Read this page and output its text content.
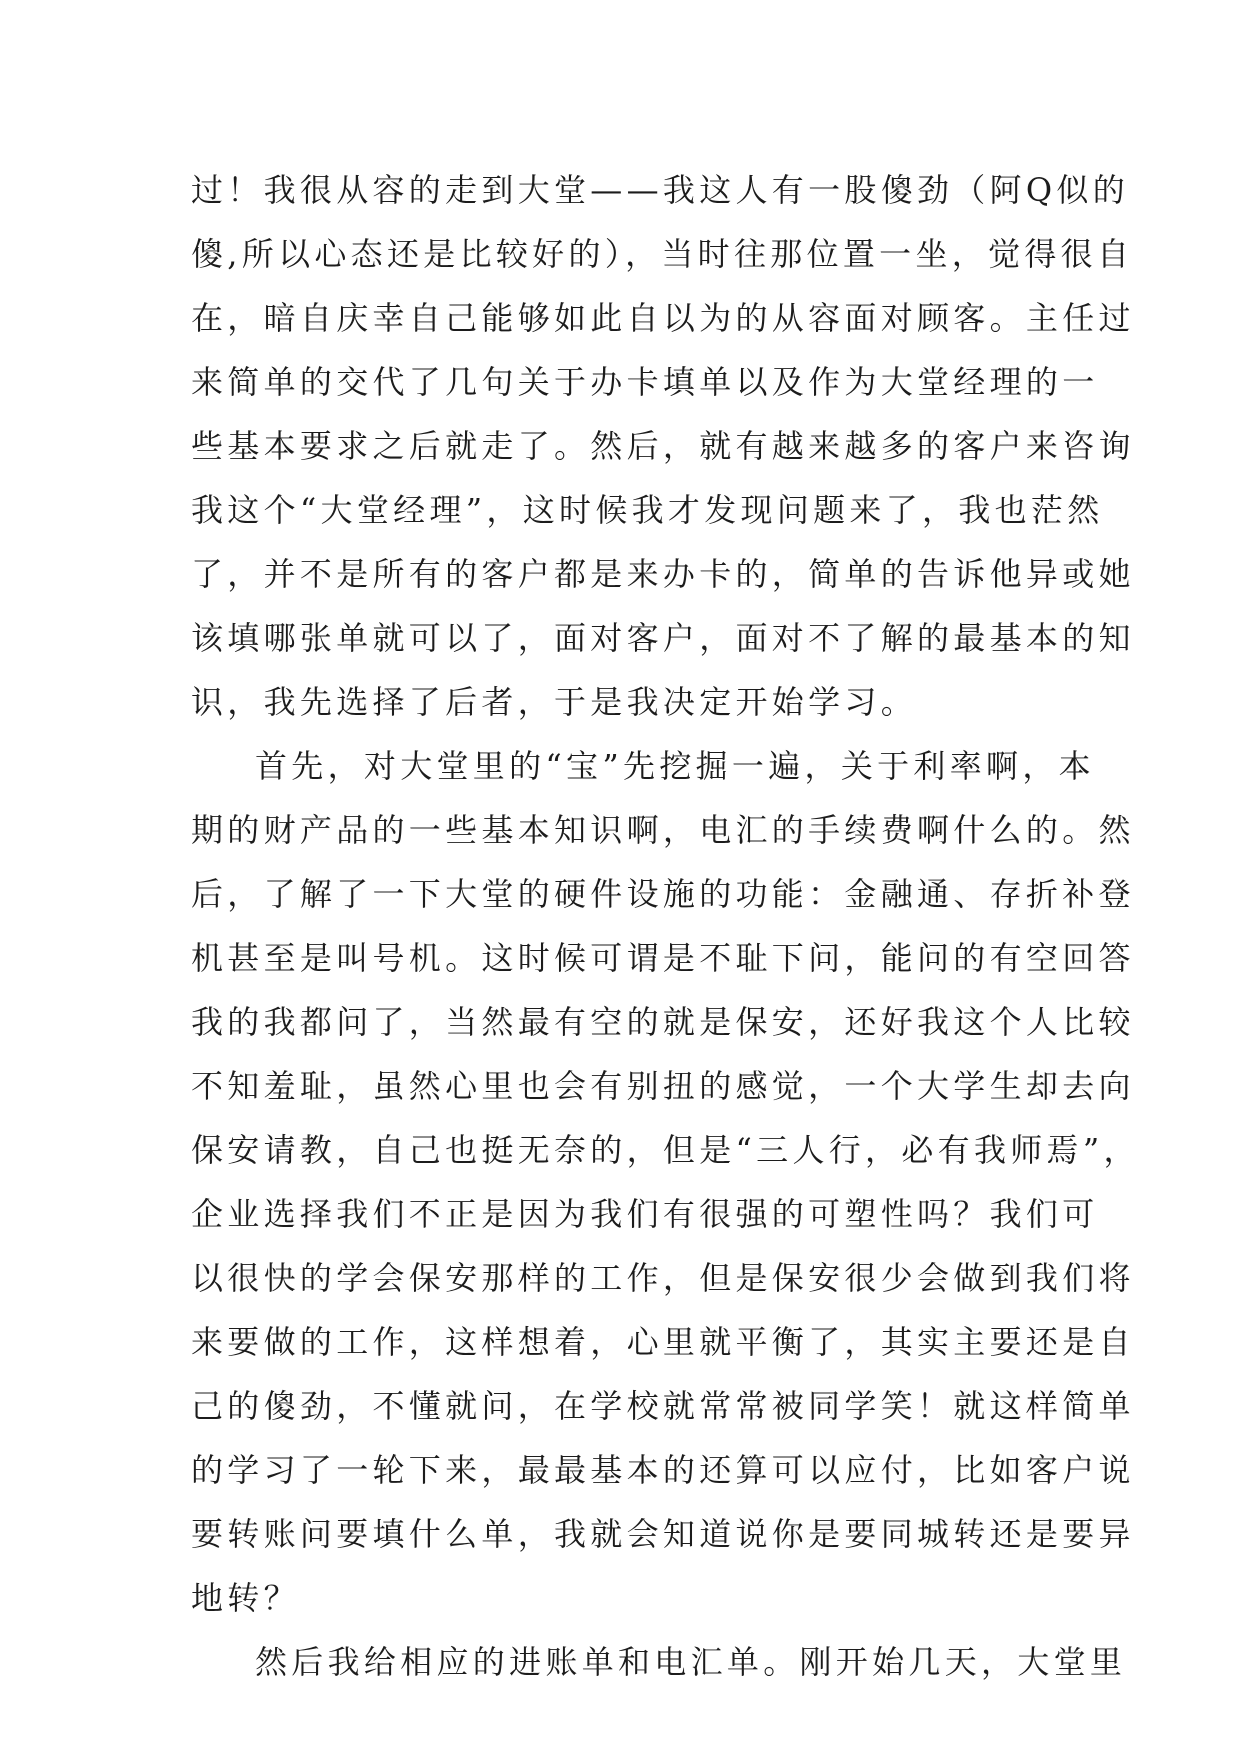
过！我很从容的走到大堂——我这人有一股傻劲（阿Q似的
傻,所以心态还是比较好的），当时往那位置一坐，觉得很自
在，暗自庆幸自己能够如此自以为的从容面对顾客。主任过
来简单的交代了几句关于办卡填单以及作为大堂经理的一
些基本要求之后就走了。然后，就有越来越多的客户来咨询
我这个“大堂经理”，这时候我才发现问题来了，我也茫然
了，并不是所有的客户都是来办卡的，简单的告诉他异或她
该填哪张单就可以了，面对客户，面对不了解的最基本的知
识，我先选择了后者，于是我决定开始学习。
首先，对大堂里的“宝”先挖掘一遍，关于利率啊，本
期的财产品的一些基本知识啊，电汇的手续费啊什么的。然
后，了解了一下大堂的硬件设施的功能：金融通、存折补登
机甚至是叫号机。这时候可谓是不耻下问，能问的有空回答
我的我都问了，当然最有空的就是保安，还好我这个人比较
不知羞耻，虽然心里也会有别扭的感觉，一个大学生却去向
保安请教，自己也挺无奈的，但是“三人行，必有我师焉”，
企业选择我们不正是因为我们有很强的可塑性吗？我们可
以很快的学会保安那样的工作，但是保安很少会做到我们将
来要做的工作，这样想着，心里就平衡了，其实主要还是自
己的傻劲，不懂就问，在学校就常常被同学笑！就这样简单
的学习了一轮下来，最最基本的还算可以应付，比如客户说
要转账问要填什么单，我就会知道说你是要同城转还是要异
地转？
然后我给相应的进账单和电汇单。刚开始几天，大堂里
